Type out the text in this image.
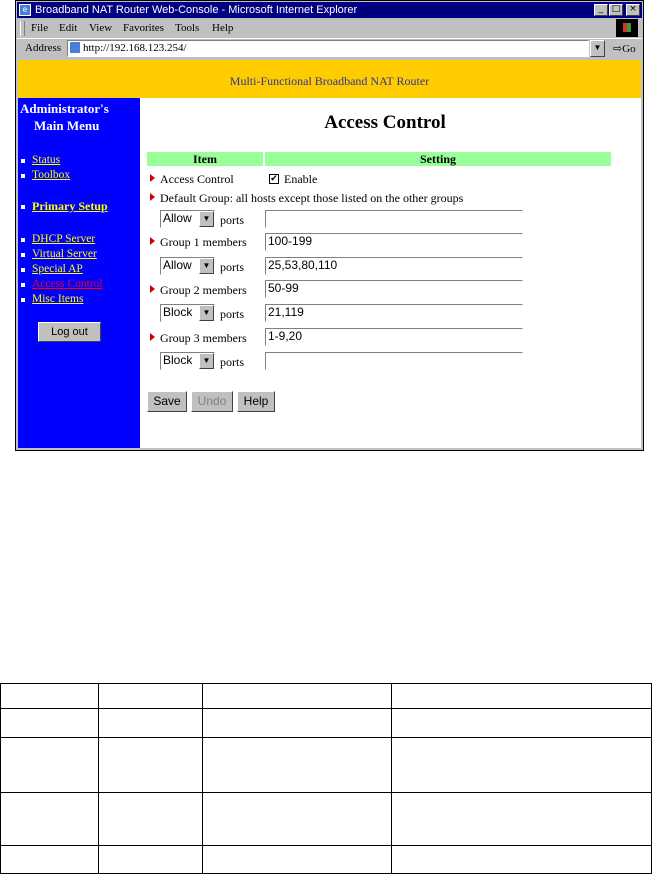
e Broadband NAT Router Web-Console - Microsoft Internet Explorer	_ □ ×
File Edit View Favorites Tools Help
Address	http://192.168.123.254/	▼	⇨Go
Multi-Functional Broadband NAT Router
Administrator's
Main Menu
Status
Toolbox
Primary Setup
DHCP Server
Virtual Server
Special AP
Access Control
Misc Items
Log out
Access Control
Item	Setting
Access Control	✔ Enable
Default Group: all hosts except those listed on the other groups
Allow	▼ ports
Group 1 members 100-199
Allow	▼ ports 25,53,80,110
Group 2 members 50-99
Block	▼ ports 21,119
Group 3 members 1-9,20
Block	▼ ports
Save	Undo	Help
